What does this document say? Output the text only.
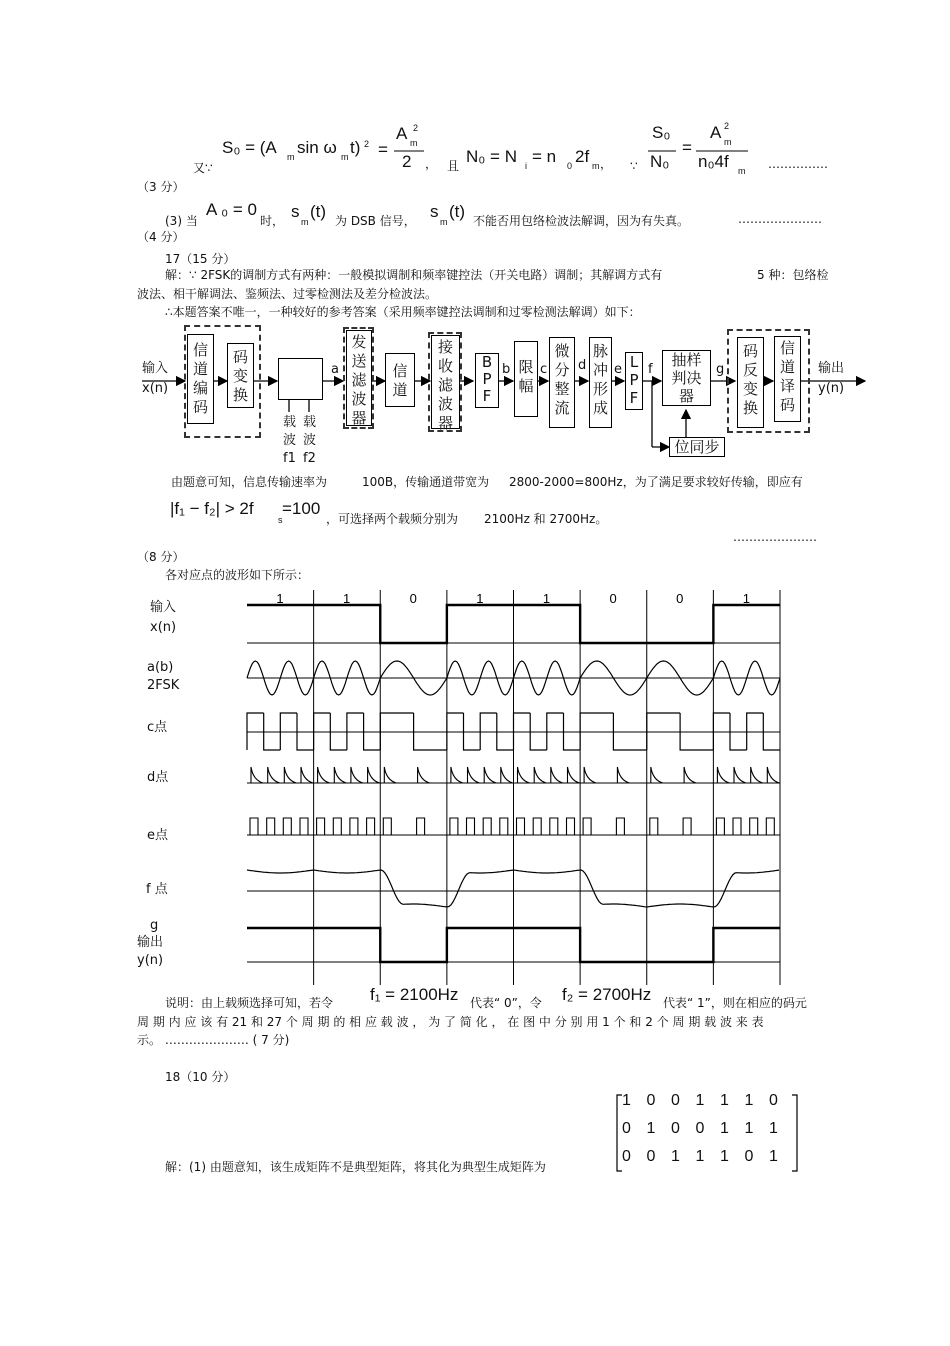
又∵
S₀ = (A m sin ω m t) 2 =
A 2
m
2 ， 且 N₀ = N i = n 0 2f m ， ∵
S₀
N₀
=
A 2
m
n₀4f m ……………
（3 分）
(3) 当
A ₀ = 0
时， s
m
(t) 为 DSB 信号， s
m
(t) 不能否用包络检波法解调，因为有失真。	…………………
（4 分）
17（15 分）
解：∵ 2FSK的调制方式有两种：一般模拟调制和频率键控法（开关电路）调制；其解调方式有	5 种：包络检
波法、相干解调法、鉴频法、过零检测法及差分检波法。
∴本题答案不唯一，一种较好的参考答案（采用频率键控法调制和过零检测法解调）如下：
输入
x(n)
信
道
编
码
码
变
换
发
送
滤
波
器
信
道
接
收
滤
波
器
B
P
F
限
幅
微
分
整
流
脉
冲
形
成
L
P
F
抽样
判决
器
码
反
变
换
信
道
译
码
位同步
输出
y(n)
载
波
f1
载
波
f2
a	b c d e f	g
由题意可知，信息传输速率为	100B，传输通道带宽为 2800-2000=800Hz，为了满足要求较好传输，即应有
|f₁ − f₂| > 2f
s
=100
，可选择两个载频分别为 2100Hz 和 2700Hz。
…………………
（8 分）
各对应点的波形如下所示：
1	1	0	1	1	0	0	1
输入
x(n)
a(b)
2FSK
c点
d点
e点
f 点
g
输出
y(n)
说明：由上载频选择可知，若令 f₁ = 2100Hz 代表“ 0”，令 f₂ = 2700Hz 代表“ 1”，则在相应的码元
周 期 内 应 该 有 21 和 27 个 周 期 的 相 应 载 波 ， 为 了 简 化 ， 在 图 中 分 别 用 1 个 和 2 个 周 期 载 波 来 表
示。 ………………… ( 7 分)
18（10 分）
解：(1) 由题意知，该生成矩阵不是典型矩阵，将其化为典型生成矩阵为
1 0 0 1 1 1 0
0 1 0 0 1 1 1
0 0 1 1 1 0 1
